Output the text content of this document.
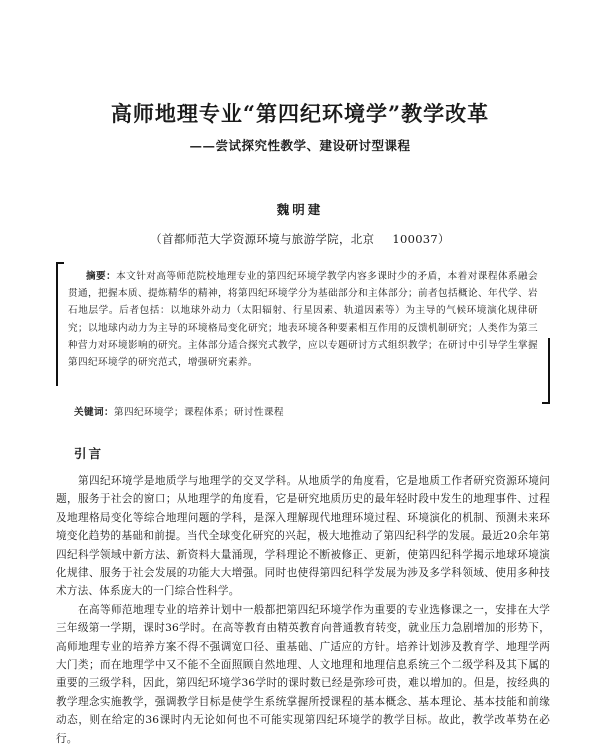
高师地理专业“第四纪环境学”教学改革
——尝试探究性教学、建设研讨型课程
魏明建
（首都师范大学资源环境与旅游学院，北京 100037）

摘要：本文针对高等师范院校地理专业的第四纪环境学教学内容多课时少的矛盾，本着对课程体系融会贯通，把握本质、提炼精华的精神，将第四纪环境学分为基础部分和主体部分；前者包括概论、年代学、岩石地层学。后者包括：以地球外动力（太阳辐射、行星因素、轨道因素等）为主导的气候环境演化规律研究；以地球内动力为主导的环境格局变化研究；地表环境各种要素相互作用的反馈机制研究；人类作为第三种营力对环境影响的研究。主体部分适合探究式教学，应以专题研讨方式组织教学；在研讨中引导学生掌握第四纪环境学的研究范式，增强研究素养。

关键词：第四纪环境学；课程体系；研讨性课程
引言

第四纪环境学是地质学与地理学的交叉学科。从地质学的角度看，它是地质工作者研究资源环境问题，服务于社会的窗口；从地理学的角度看，它是研究地质历史的最年轻时段中发生的地理事件、过程及地理格局变化等综合地理问题的学科，是深入理解现代地理环境过程、环境演化的机制、预测未来环境变化趋势的基础和前提。当代全球变化研究的兴起，极大地推动了第四纪科学的发展。最近20余年第四纪科学领域中新方法、新资料大量涌现，学科理论不断被修正、更新，使第四纪科学揭示地球环境演化规律、服务于社会发展的功能大大增强。同时也使得第四纪科学发展为涉及多学科领域、使用多种技术方法、体系庞大的一门综合性科学。

在高等师范地理专业的培养计划中一般都把第四纪环境学作为重要的专业选修课之一，安排在大学三年级第一学期，课时36学时。在高等教育由精英教育向普通教育转变，就业压力急剧增加的形势下，高师地理专业的培养方案不得不强调宽口径、重基础、广适应的方针。培养计划涉及教育学、地理学两大门类；而在地理学中又不能不全面照顾自然地理、人文地理和地理信息系统三个二级学科及其下属的重要的三级学科，因此，第四纪环境学36学时的课时数已经是弥珍可贵，难以增加的。但是，按经典的教学理念实施教学，强调教学目标是使学生系统掌握所授课程的基本概念、基本理论、基本技能和前缘动态，则在给定的36课时内无论如何也不可能实现第四纪环境学的教学目标。故此，教学改革势在必行。
